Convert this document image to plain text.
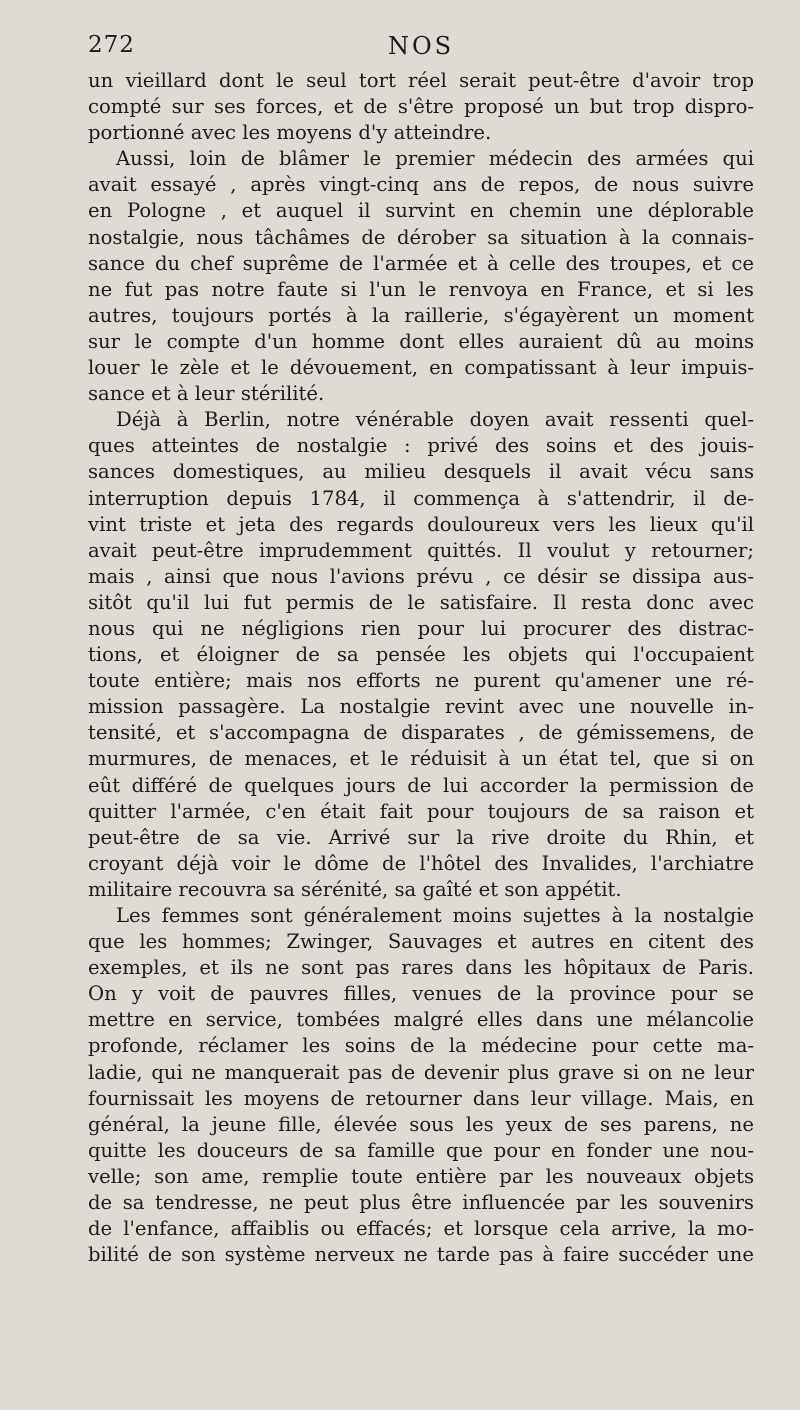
272	NOS
un vieillard dont le seul tort réel serait peut-être d'avoir trop
compté sur ses forces, et de s'être proposé un but trop dispro-
portionné avec les moyens d'y atteindre.
Aussi, loin de blâmer le premier médecin des armées qui
avait essayé , après vingt-cinq ans de repos, de nous suivre
en Pologne , et auquel il survint en chemin une déplorable
nostalgie, nous tâchâmes de dérober sa situation à la connais-
sance du chef suprême de l'armée et à celle des troupes, et ce
ne fut pas notre faute si l'un le renvoya en France, et si les
autres, toujours portés à la raillerie, s'égayèrent un moment
sur le compte d'un homme dont elles auraient dû au moins
louer le zèle et le dévouement, en compatissant à leur impuis-
sance et à leur stérilité.
Déjà à Berlin, notre vénérable doyen avait ressenti quel-
ques atteintes de nostalgie : privé des soins et des jouis-
sances domestiques, au milieu desquels il avait vécu sans
interruption depuis 1784, il commença à s'attendrir, il de-
vint triste et jeta des regards douloureux vers les lieux qu'il
avait peut-être imprudemment quittés. Il voulut y retourner;
mais , ainsi que nous l'avions prévu , ce désir se dissipa aus-
sitôt qu'il lui fut permis de le satisfaire. Il resta donc avec
nous qui ne négligions rien pour lui procurer des distrac-
tions, et éloigner de sa pensée les objets qui l'occupaient
toute entière; mais nos efforts ne purent qu'amener une ré-
mission passagère. La nostalgie revint avec une nouvelle in-
tensité, et s'accompagna de disparates , de gémissemens, de
murmures, de menaces, et le réduisit à un état tel, que si on
eût différé de quelques jours de lui accorder la permission de
quitter l'armée, c'en était fait pour toujours de sa raison et
peut-être de sa vie. Arrivé sur la rive droite du Rhin, et
croyant déjà voir le dôme de l'hôtel des Invalides, l'archiatre
militaire recouvra sa sérénité, sa gaîté et son appétit.
Les femmes sont généralement moins sujettes à la nostalgie
que les hommes; Zwinger, Sauvages et autres en citent des
exemples, et ils ne sont pas rares dans les hôpitaux de Paris.
On y voit de pauvres filles, venues de la province pour se
mettre en service, tombées malgré elles dans une mélancolie
profonde, réclamer les soins de la médecine pour cette ma-
ladie, qui ne manquerait pas de devenir plus grave si on ne leur
fournissait les moyens de retourner dans leur village. Mais, en
général, la jeune fille, élevée sous les yeux de ses parens, ne
quitte les douceurs de sa famille que pour en fonder une nou-
velle; son ame, remplie toute entière par les nouveaux objets
de sa tendresse, ne peut plus être influencée par les souvenirs
de l'enfance, affaiblis ou effacés; et lorsque cela arrive, la mo-
bilité de son système nerveux ne tarde pas à faire succéder une
